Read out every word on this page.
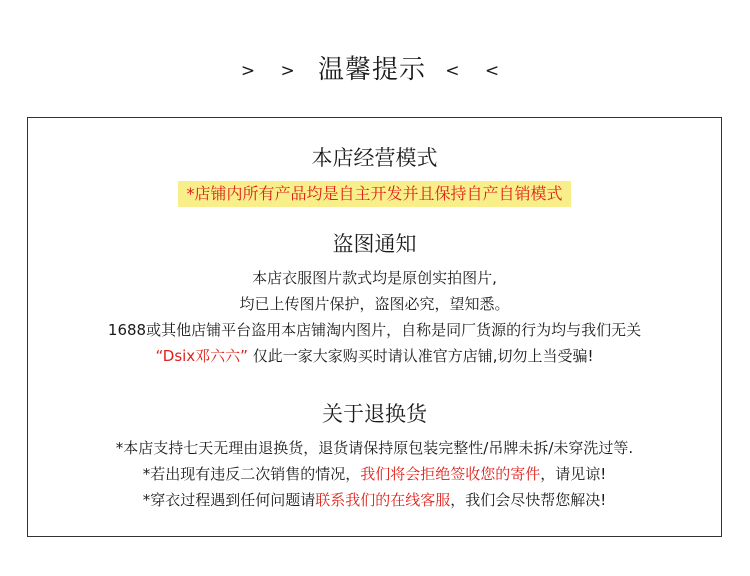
> > 温馨提示 < <
本店经营模式
*店铺内所有产品均是自主开发并且保持自产自销模式
盗图通知
本店衣服图片款式均是原创实拍图片,
均已上传图片保护，盗图必究，望知悉。
1688或其他店铺平台盗用本店铺淘内图片，自称是同厂货源的行为均与我们无关
“Dsix邓六六” 仅此一家大家购买时请认准官方店铺,切勿上当受骗!
关于退换货
*本店支持七天无理由退换货，退货请保持原包装完整性/吊牌未拆/未穿洗过等.
*若出现有违反二次销售的情况，我们将会拒绝签收您的寄件，请见谅!
*穿衣过程遇到任何问题请联系我们的在线客服，我们会尽快帮您解决!
